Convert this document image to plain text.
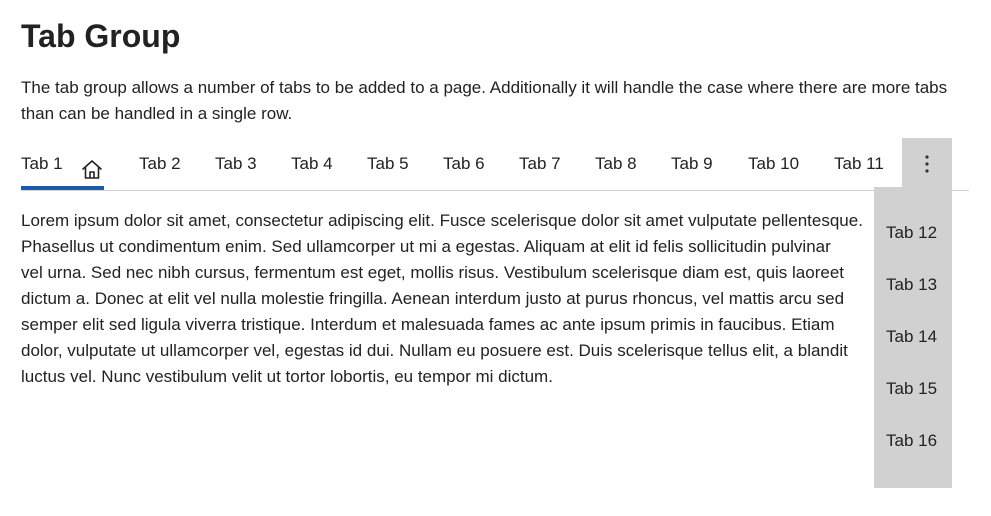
Tab Group

The tab group allows a number of tabs to be added to a page. Additionally it will handle the case where there are more tabs than can be handled in a single row.

Tab 1	Tab 2 Tab 3 Tab 4 Tab 5 Tab 6 Tab 7 Tab 8 Tab 9 Tab 10 Tab 11
Lorem ipsum dolor sit amet, consectetur adipiscing elit. Fusce scelerisque dolor sit amet vulputate pellentesque.
Phasellus ut condimentum enim. Sed ullamcorper ut mi a egestas. Aliquam at elit id felis sollicitudin pulvinar
vel urna. Sed nec nibh cursus, fermentum est eget, mollis risus. Vestibulum scelerisque diam est, quis laoreet
dictum a. Donec at elit vel nulla molestie fringilla. Aenean interdum justo at purus rhoncus, vel mattis arcu sed
semper elit sed ligula viverra tristique. Interdum et malesuada fames ac ante ipsum primis in faucibus. Etiam
dolor, vulputate ut ullamcorper vel, egestas id dui. Nullam eu posuere est. Duis scelerisque tellus elit, a blandit
luctus vel. Nunc vestibulum velit ut tortor lobortis, eu tempor mi dictum.
Tab 12
Tab 13
Tab 14
Tab 15
Tab 16
